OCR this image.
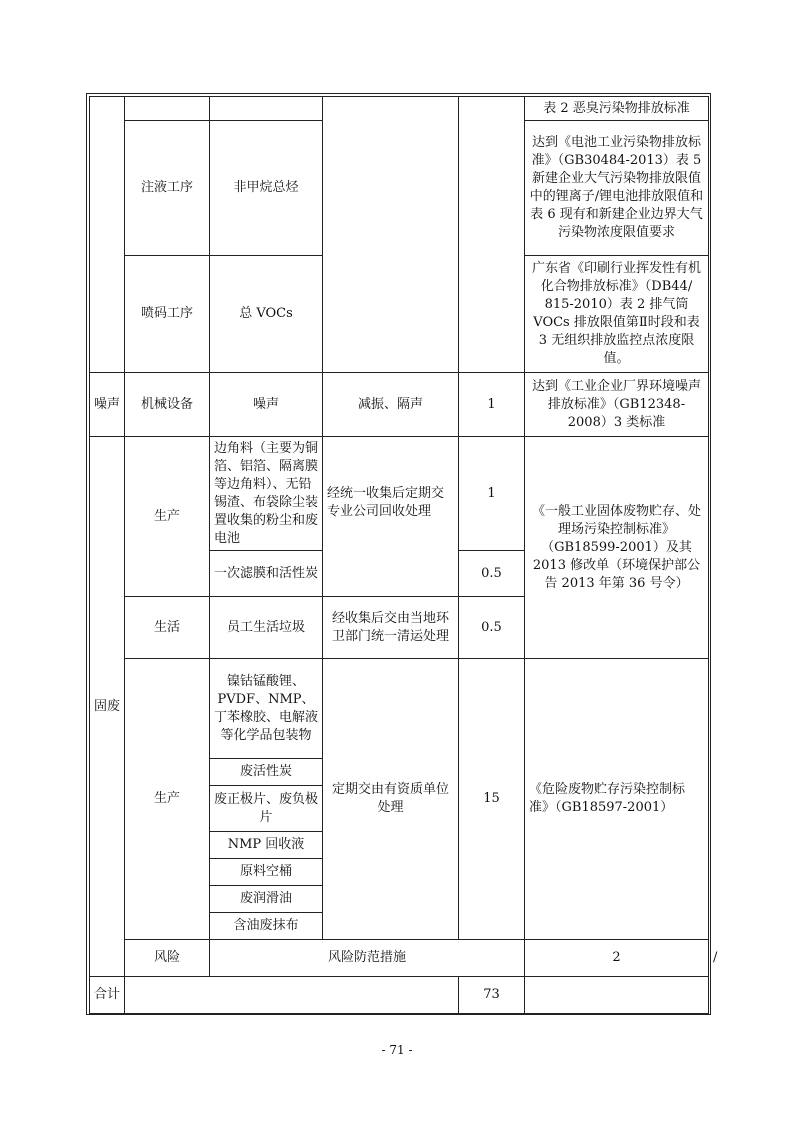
					表 2 恶臭污染物排放标准	
	注液工序	非甲烷总烃			达到《电池工业污染物排放标准》（GB30484-2013）表 5 新建企业大气污染物排放限值中的锂离子/锂电池排放限值和表 6 现有和新建企业边界大气污染物浓度限值要求	
	喷码工序	总 VOCs			广东省《印刷行业挥发性有机化合物排放标准》（DB44/ 815-2010）表 2 排气筒 VOCs 排放限值第Ⅱ时段和表 3 无组织排放监控点浓度限值。	
噪声	机械设备	噪声	减振、隔声	1	达到《工业企业厂界环境噪声排放标准》（GB12348-2008）3 类标准	
固废	生产	边角料（主要为铜箔、铝箔、隔离膜等边角料）、无铅锡渣、布袋除尘装置收集的粉尘和废电池	经统一收集后定期交专业公司回收处理	1	《一般工业固体废物贮存、处理场污染控制标准》（GB18599-2001）及其 2013 修改单（环境保护部公告 2013 年第 36 号令）	
		一次滤膜和活性炭		0.5		
	生活	员工生活垃圾	经收集后交由当地环卫部门统一清运处理	0.5		
	生产	镍钴锰酸锂、PVDF、NMP、丁苯橡胶、电解液等化学品包装物	定期交由有资质单位处理	15	《危险废物贮存污染控制标准》（GB18597-2001）	
		废活性炭				
		废正极片、废负极片				
		NMP 回收液				
		原料空桶				
		废润滑油				
		含油废抹布				
	风险	风险防范措施			2	/
合计				73		
- 71 -
